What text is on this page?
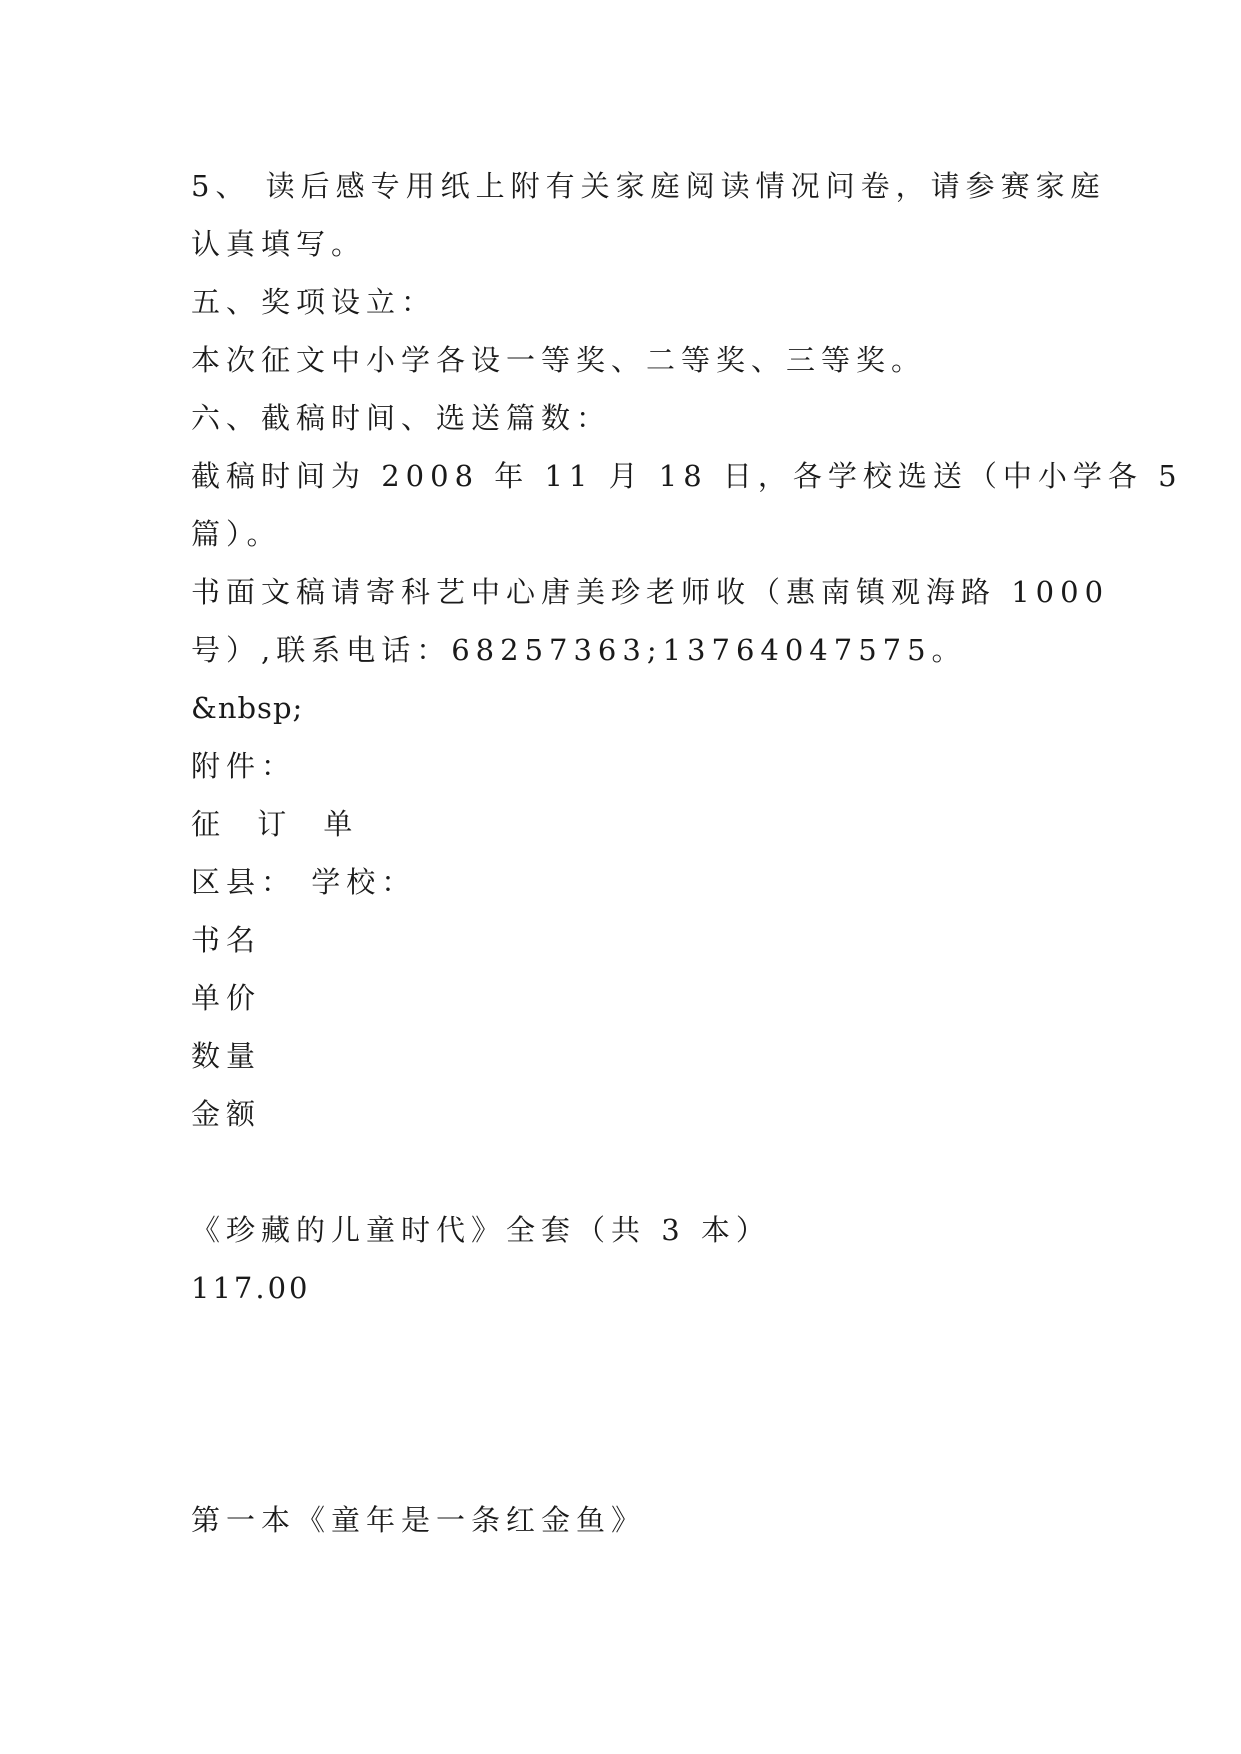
5、 读后感专用纸上附有关家庭阅读情况问卷，请参赛家庭
认真填写。
五、奖项设立：
本次征文中小学各设一等奖、二等奖、三等奖。
六、截稿时间、选送篇数：
截稿时间为 2008 年 11 月 18 日，各学校选送（中小学各 5
篇）。
书面文稿请寄科艺中心唐美珍老师收（惠南镇观海路 1000
号）,联系电话：68257363;13764047575。
&nbsp;
附件：
征 订 单
区县： 学校：
书名
单价
数量
金额
《珍藏的儿童时代》全套（共 3 本）
117.00
第一本《童年是一条红金鱼》
